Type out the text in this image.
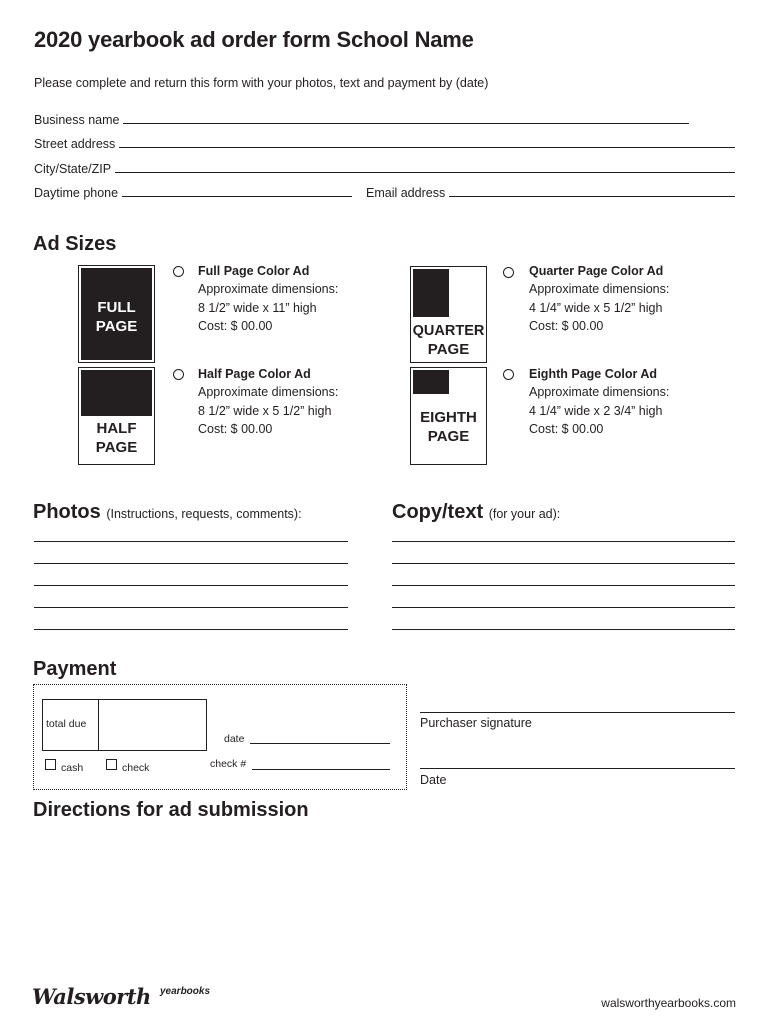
2020 yearbook ad order form School Name
Please complete and return this form with your photos, text and payment by (date)
Business name
Street address
City/State/ZIP
Daytime phone	Email address
Ad Sizes
FULL
PAGE
Full Page Color Ad
Approximate dimensions:
8 1/2” wide x 11” high
Cost: $ 00.00
HALF
PAGE
Half Page Color Ad
Approximate dimensions:
8 1/2” wide x 5 1/2” high
Cost: $ 00.00
QUARTER
PAGE
Quarter Page Color Ad
Approximate dimensions:
4 1/4” wide x 5 1/2” high
Cost: $ 00.00
EIGHTH
PAGE
Eighth Page Color Ad
Approximate dimensions:
4 1/4” wide x 2 3/4” high
Cost: $ 00.00
Photos (Instructions, requests, comments):	Copy/text (for your ad):
Payment
total due
date
cash	check	check #
Purchaser signature
Date
Directions for ad submission
Walsworth yearbooks
walsworthyearbooks.com
